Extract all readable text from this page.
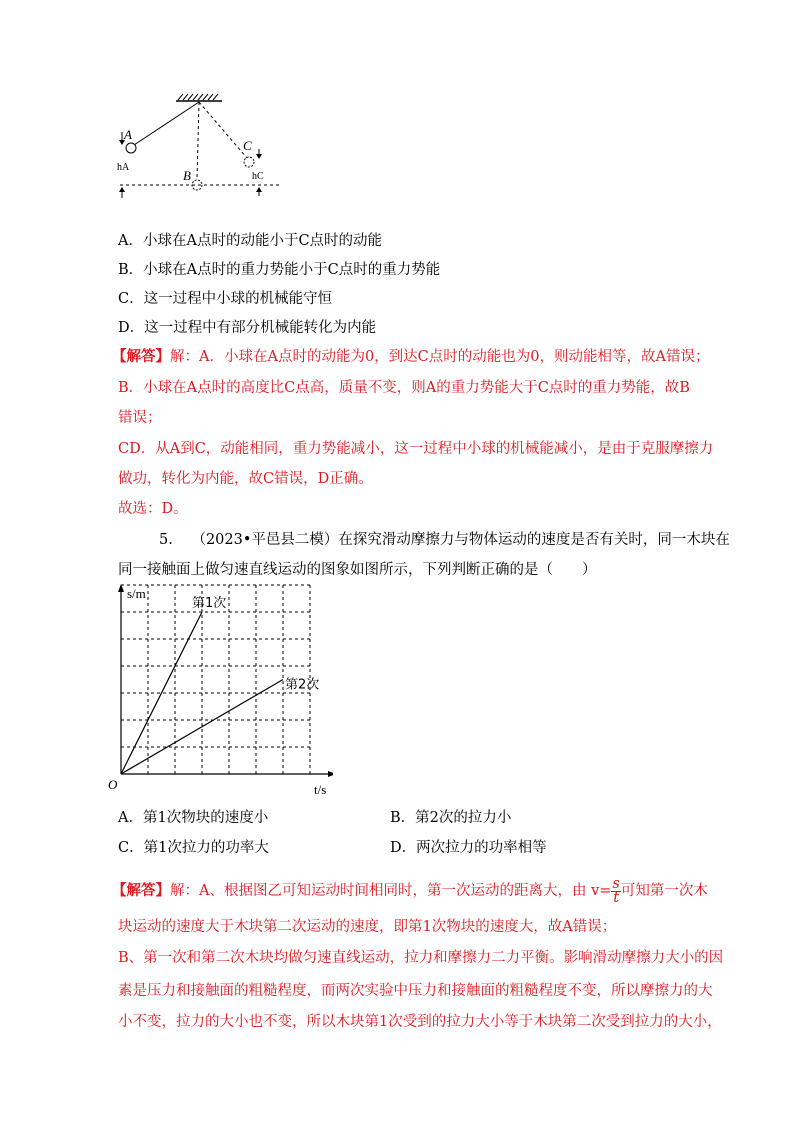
A
B
C
hA
hC
A．小球在A点时的动能小于C点时的动能
B．小球在A点时的重力势能小于C点时的重力势能
C．这一过程中小球的机械能守恒
D．这一过程中有部分机械能转化为内能
【解答】解：A．小球在A点时的动能为0，到达C点时的动能也为0，则动能相等，故A错误；
B．小球在A点时的高度比C点高，质量不变，则A的重力势能大于C点时的重力势能，故B
错误；
CD．从A到C，动能相同，重力势能减小，这一过程中小球的机械能减小，是由于克服摩擦力
做功，转化为内能，故C错误，D正确。
故选：D。
5. （2023•平邑县二模）在探究滑动摩擦力与物体运动的速度是否有关时，同一木块在
同一接触面上做匀速直线运动的图象如图所示，下列判断正确的是（　　）
s/m
t/s
O
第1次
第2次
A．第1次物块的速度小	B．第2次的拉力小
C．第1次拉力的功率大	D．两次拉力的功率相等
【解答】解：A、根据图乙可知运动时间相同时，第一次运动的距离大，由 $v= \frac{s}{t}$ 可知第一次木
块运动的速度大于木块第二次运动的速度，即第1次物块的速度大，故A错误；
B、第一次和第二次木块均做匀速直线运动，拉力和摩擦力二力平衡。影响滑动摩擦力大小的因
素是压力和接触面的粗糙程度，而两次实验中压力和接触面的粗糙程度不变，所以摩擦力的大
小不变，拉力的大小也不变，所以木块第1次受到的拉力大小等于木块第二次受到拉力的大小，
